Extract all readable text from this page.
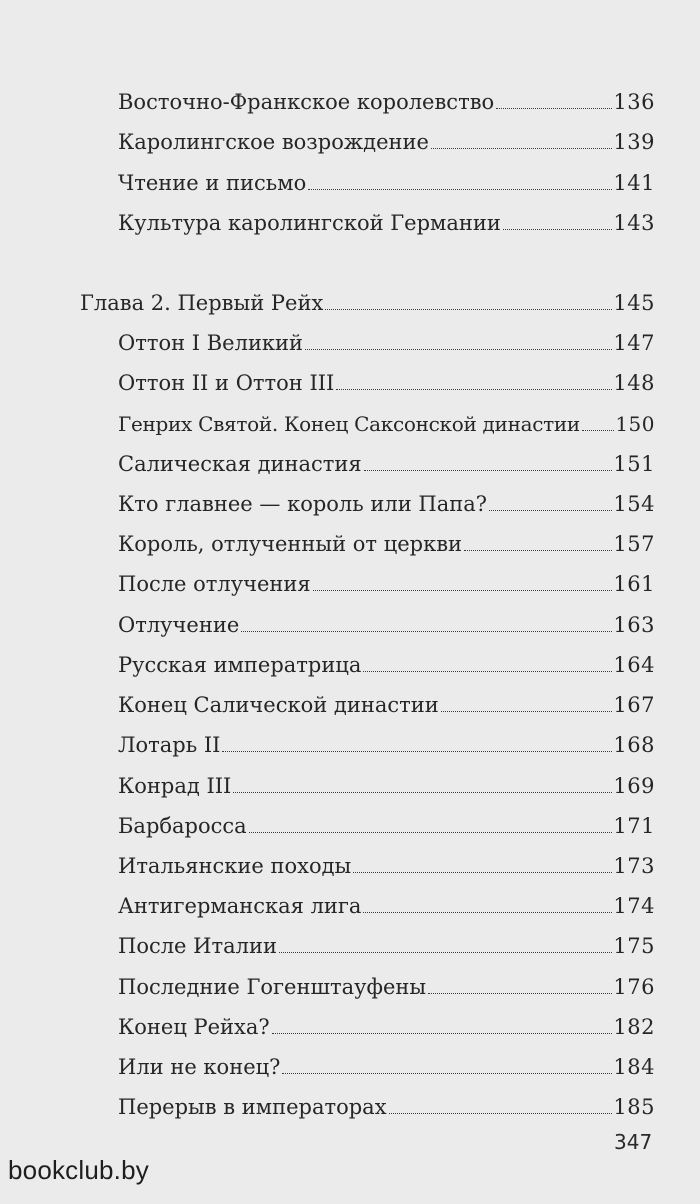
Восточно-Франкское королевство	136
Каролингское возрождение	139
Чтение и письмо	141
Культура каролингской Германии	143
Глава 2. Первый Рейх	145
Оттон I Великий	147
Оттон II и Оттон III	148
Генрих Святой. Конец Саксонской династии 150
Салическая династия	151
Кто главнее — король или Папа?	154
Король, отлученный от церкви	157
После отлучения	161
Отлучение	163
Русская императрица	164
Конец Салической династии	167
Лотарь II	168
Конрад III	169
Барбаросса	171
Итальянские походы	173
Антигерманская лига	174
После Италии	175
Последние Гогенштауфены	176
Конец Рейха?	182
Или не конец?	184
Перерыв в императорах	185
347
bookclub.by
